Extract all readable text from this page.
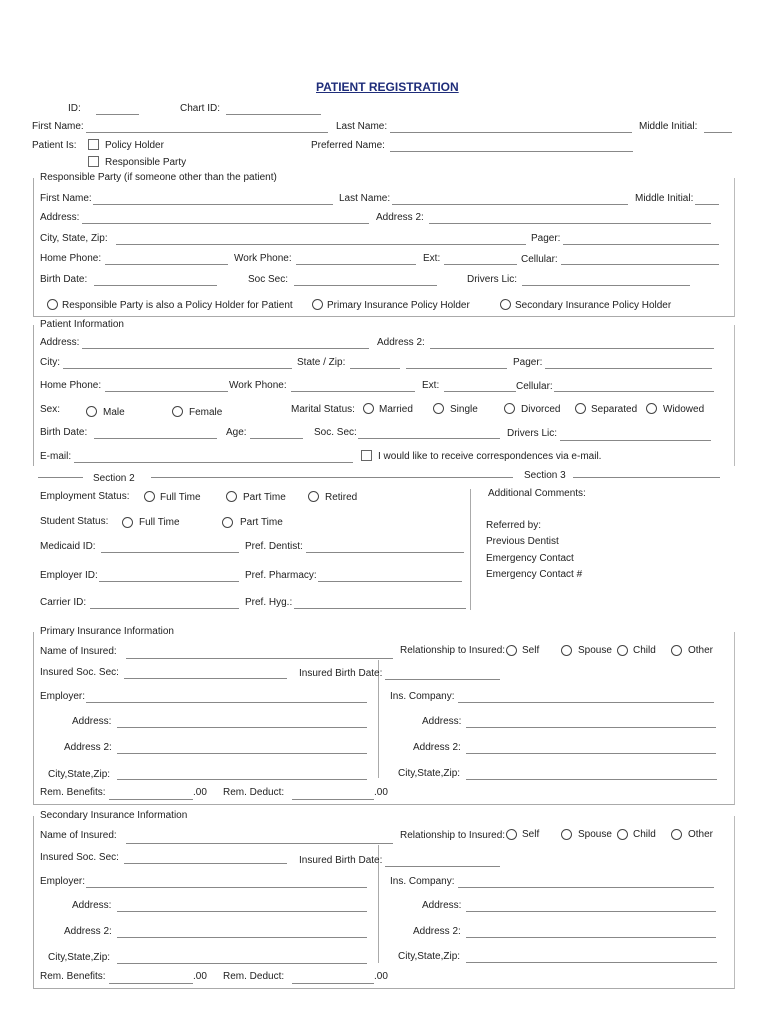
PATIENT REGISTRATION
ID:	Chart ID:
First Name:	Last Name:	Middle Initial:
Patient Is:	Policy Holder
Responsible Party
Preferred Name:
Responsible Party (if someone other than the patient)
First Name:	Last Name:	Middle Initial:
Address:	Address 2:
City, State, Zip:	Pager:
Home Phone:	Work Phone:	Ext:	Cellular:
Birth Date:	Soc Sec:	Drivers Lic:
Responsible Party is also a Policy Holder for Patient	Primary Insurance Policy Holder	Secondary Insurance Policy Holder
Patient Information
Address:	Address 2:
City:	State / Zip:	Pager:
Home Phone:	Work Phone:	Ext:	Cellular:
Sex:	Male	Female	Marital Status: Married	Single	Divorced	Separated	Widowed
Birth Date:	Age:	Soc. Sec:	Drivers Lic:
E-mail:	I would like to receive correspondences via e-mail.
Section 2	Section 3
Employment Status:	Full Time	Part Time	Retired	Additional Comments:
Student Status:	Full Time	Part Time	Referred by:
Previous Dentist
Emergency Contact
Emergency Contact #
Medicaid ID:	Pref. Dentist:
Employer ID:	Pref. Pharmacy:
Carrier ID:	Pref. Hyg.:
Primary Insurance Information
Name of Insured:	Relationship to Insured: Self	Spouse Child	Other
Insured Soc. Sec:	Insured Birth Date:
Employer:	Ins. Company:
Address:	Address:
Address 2:	Address 2:
City,State,Zip:	City,State,Zip:
Rem. Benefits:	.00 Rem. Deduct:	.00
Secondary Insurance Information
Name of Insured:	Relationship to Insured: Self	Spouse Child	Other
Insured Soc. Sec:	Insured Birth Date:
Employer:	Ins. Company:
Address:	Address:
Address 2:	Address 2:
City,State,Zip:	City,State,Zip:
Rem. Benefits:	.00 Rem. Deduct:	.00
